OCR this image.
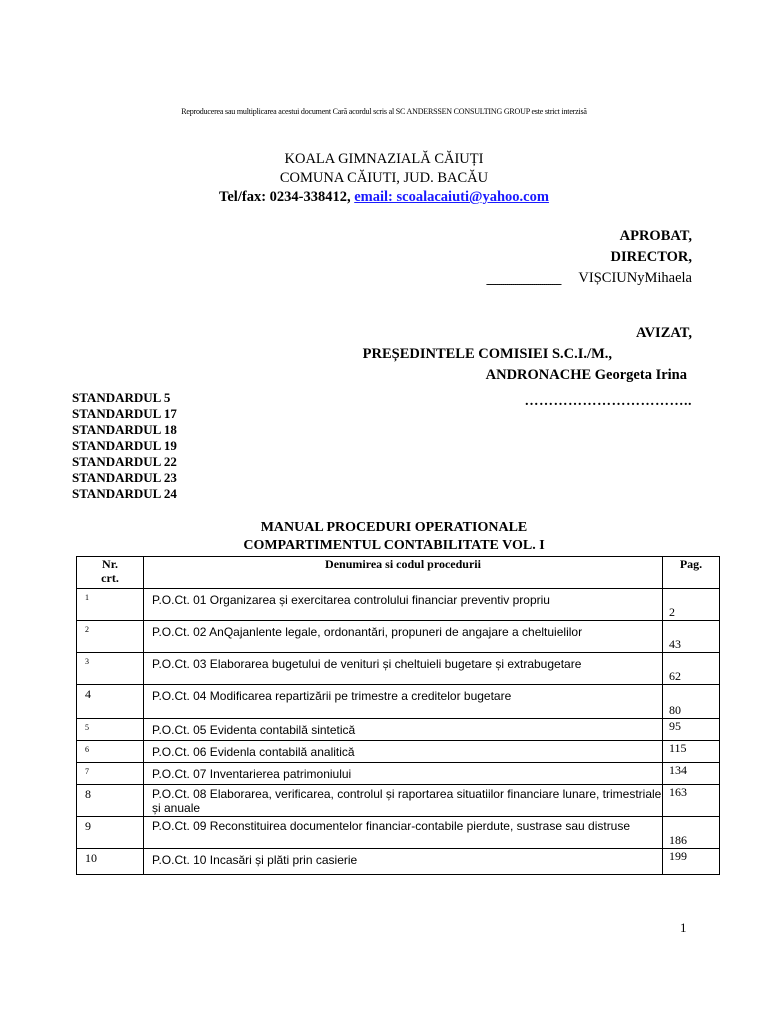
Reproducerea sau multiplicarea acestui document Cară acordul scris al SC ANDERSSEN CONSULTING GROUP este strict interzisă
KOALA GIMNAZIALĂ CĂIUȚI
COMUNA CĂIUTI, JUD. BACĂU
Tel/fax: 0234-338412, email: scoalacaiuti@yahoo.com
APROBAT,
DIRECTOR,
VIȘCIUNyMihaela
------------------------------------
AVIZAT,
PREȘEDINTELE COMISIEI S.C.I./M.,
ANDRONACHE Georgeta Irina
……………………………..
STANDARDUL 5
STANDARDUL 17
STANDARDUL 18
STANDARDUL 19
STANDARDUL 22
STANDARDUL 23
STANDARDUL 24
MANUAL PROCEDURI OPERATIONALE
COMPARTIMENTUL CONTABILITATE VOL. I
Nr.
crt.	Denumirea si codul procedurii	Pag.
1	P.O.Ct. 01 Organizarea și exercitarea controlului financiar preventiv propriu	2
2	P.O.Ct. 02 AnQajanlente legale, ordonantări, propuneri de angajare a cheltuielilor	43
3	P.O.Ct. 03 Elaborarea bugetului de venituri și cheltuieli bugetare și extrabugetare	62
4	P.O.Ct. 04 Modificarea repartizării pe trimestre a creditelor bugetare	80
5	P.O.Ct. 05 Evidenta contabilă sintetică	95
6	P.O.Ct. 06 Evidenla contabilă analitică	115
7	P.O.Ct. 07 Inventarierea patrimoniului	134
8	P.O.Ct. 08 Elaborarea, verificarea, controlul și raportarea situatiilor financiare lunare, trimestriale și anuale	163
9	P.O.Ct. 09 Reconstituirea documentelor financiar-contabile pierdute, sustrase sau distruse	186
10	P.O.Ct. 10 Incasări și plăti prin casierie	199
1
